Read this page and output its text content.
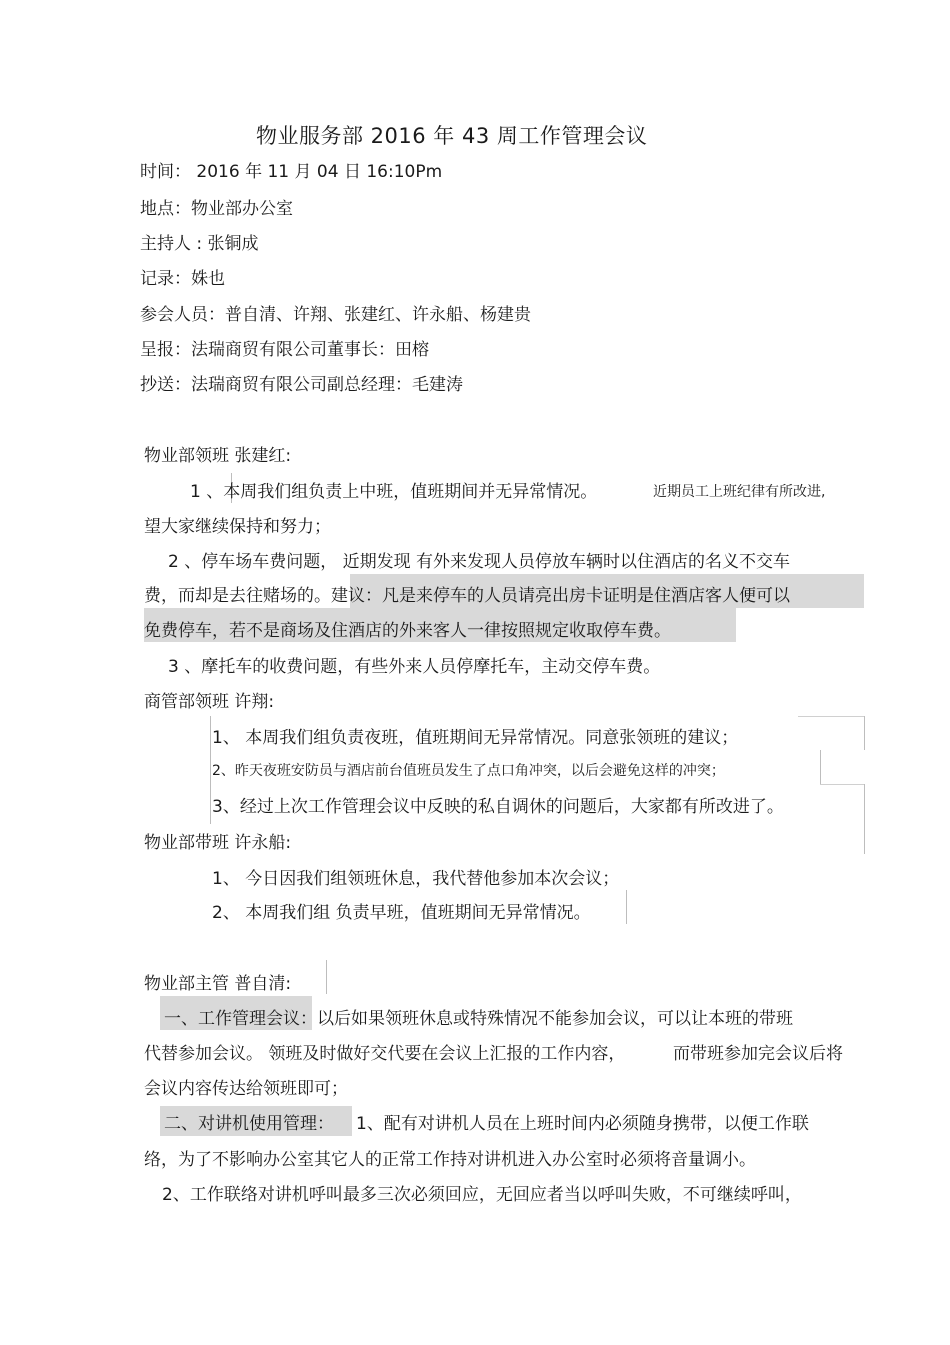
物业服务部 2016 年 43 周工作管理会议
时间： 2016 年 11 月 04 日 16:10Pm
地点：物业部办公室
主持人 : 张铜成
记录：姝也
参会人员：普自清、许翔、张建红、许永船、杨建贵
呈报：法瑞商贸有限公司董事长：田榕
抄送：法瑞商贸有限公司副总经理：毛建涛
物业部领班 张建红:
1 、本周我们组负责上中班，值班期间并无异常情况。	近期员工上班纪律有所改进,
望大家继续保持和努力；
2 、停车场车费问题， 近期发现 有外来发现人员停放车辆时以住酒店的名义不交车
费，而却是去往赌场的。建议：凡是来停车的人员请亮出房卡证明是住酒店客人便可以
免费停车，若不是商场及住酒店的外来客人一律按照规定收取停车费。
3 、摩托车的收费问题，有些外来人员停摩托车，主动交停车费。
商管部领班 许翔:
1、 本周我们组负责夜班，值班期间无异常情况。同意张领班的建议；
2、昨天夜班安防员与酒店前台值班员发生了点口角冲突，以后会避免这样的冲突；
3、经过上次工作管理会议中反映的私自调休的问题后，大家都有所改进了。
物业部带班 许永船:
1、 今日因我们组领班休息，我代替他参加本次会议；
2、 本周我们组 负责早班，值班期间无异常情况。
物业部主管 普自清:
一、工作管理会议：以后如果领班休息或特殊情况不能参加会议，可以让本班的带班
代替参加会议。 领班及时做好交代要在会议上汇报的工作内容，	而带班参加完会议后将
会议内容传达给领班即可；
二、对讲机使用管理： 1、配有对讲机人员在上班时间内必须随身携带，以便工作联
络，为了不影响办公室其它人的正常工作持对讲机进入办公室时必须将音量调小。
2、工作联络对讲机呼叫最多三次必须回应，无回应者当以呼叫失败，不可继续呼叫，
